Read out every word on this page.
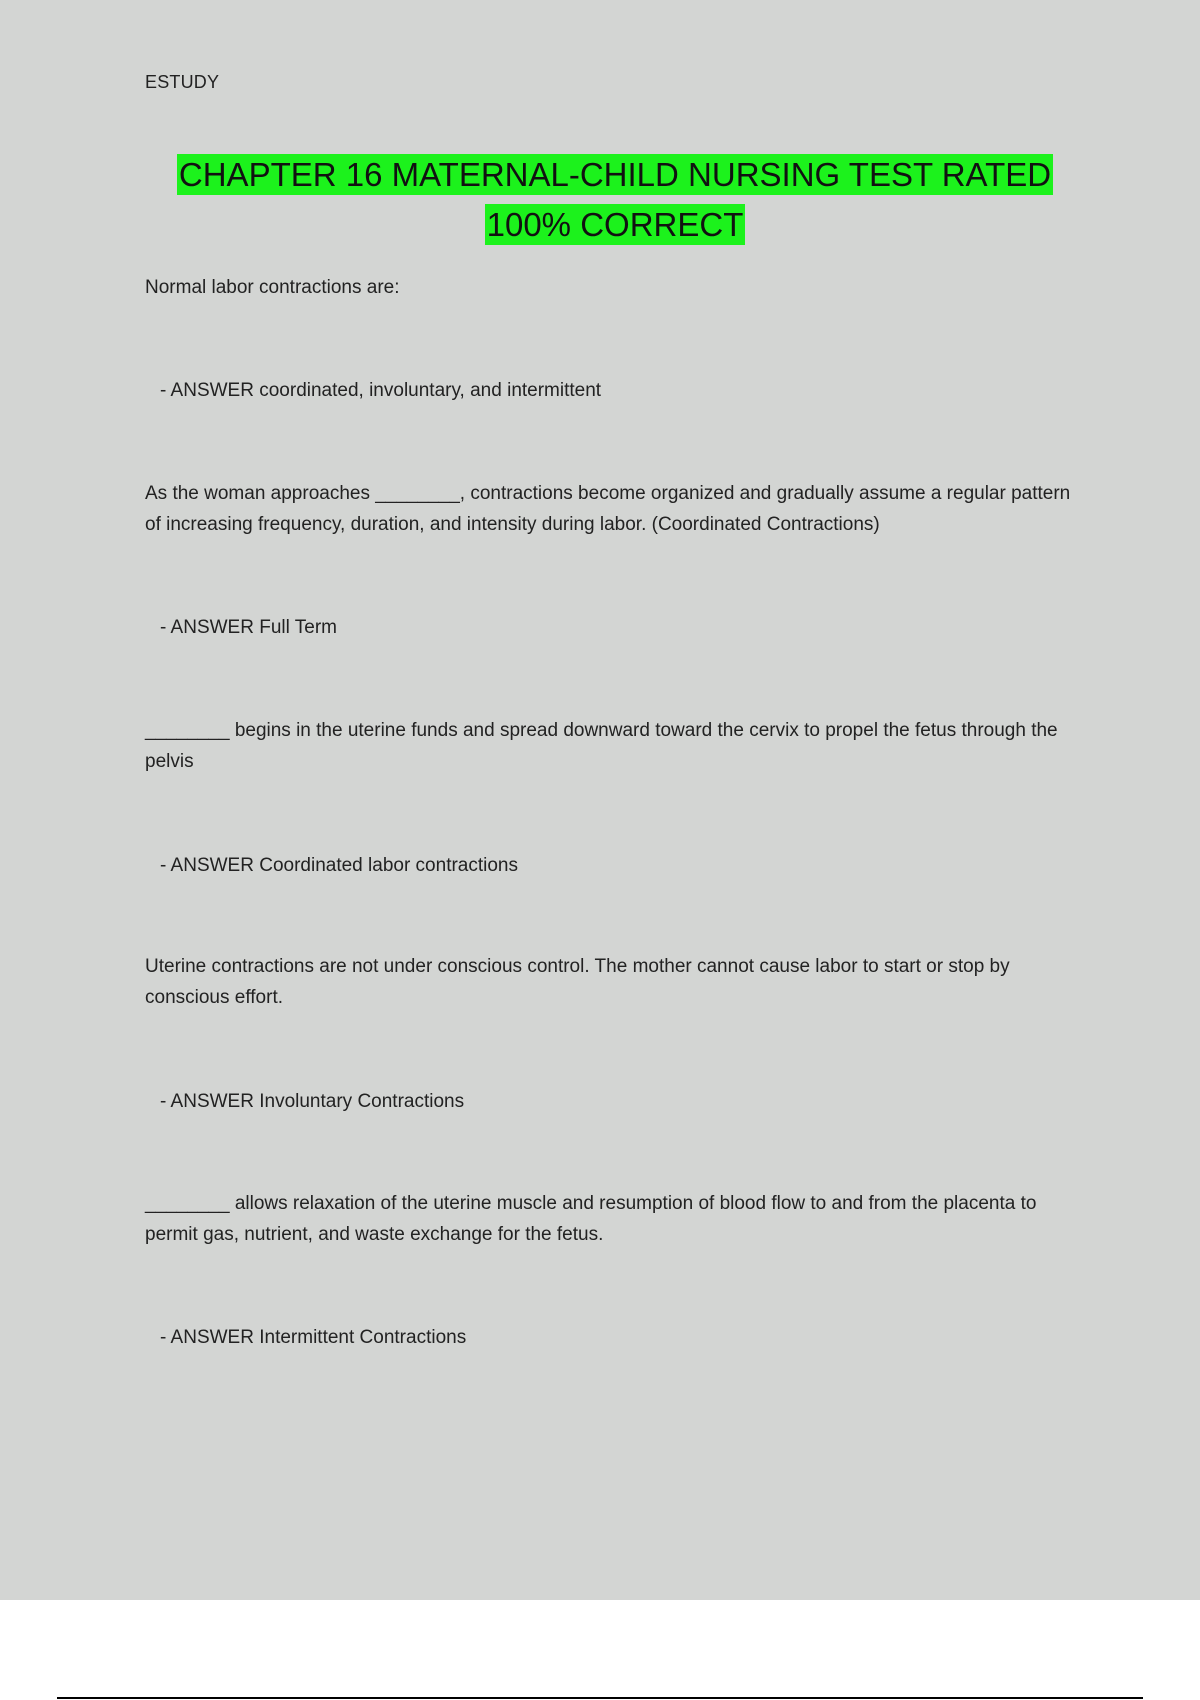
ESTUDY
CHAPTER 16 MATERNAL-CHILD NURSING TEST RATED 100% CORRECT
Normal labor contractions are:
- ANSWER coordinated, involuntary, and intermittent
As the woman approaches ________, contractions become organized and gradually assume a regular pattern of increasing frequency, duration, and intensity during labor. (Coordinated Contractions)
- ANSWER Full Term
________ begins in the uterine funds and spread downward toward the cervix to propel the fetus through the pelvis
- ANSWER Coordinated labor contractions
Uterine contractions are not under conscious control. The mother cannot cause labor to start or stop by conscious effort.
- ANSWER Involuntary Contractions
________ allows relaxation of the uterine muscle and resumption of blood flow to and from the placenta to permit gas, nutrient, and waste exchange for the fetus.
- ANSWER Intermittent Contractions
